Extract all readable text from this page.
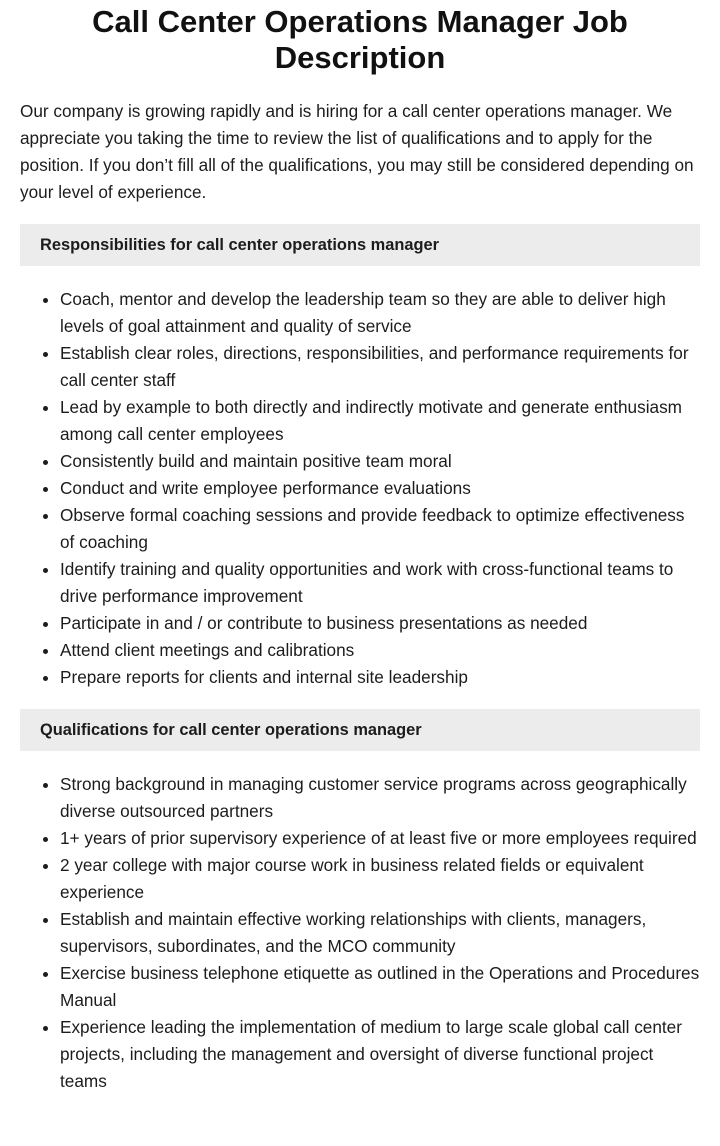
Call Center Operations Manager Job Description

Our company is growing rapidly and is hiring for a call center operations manager. We appreciate you taking the time to review the list of qualifications and to apply for the position. If you don’t fill all of the qualifications, you may still be considered depending on your level of experience.

Responsibilities for call center operations manager
• Coach, mentor and develop the leadership team so they are able to deliver high levels of goal attainment and quality of service
• Establish clear roles, directions, responsibilities, and performance requirements for call center staff
• Lead by example to both directly and indirectly motivate and generate enthusiasm among call center employees
• Consistently build and maintain positive team moral
• Conduct and write employee performance evaluations
• Observe formal coaching sessions and provide feedback to optimize effectiveness of coaching
• Identify training and quality opportunities and work with cross-functional teams to drive performance improvement
• Participate in and / or contribute to business presentations as needed
• Attend client meetings and calibrations
• Prepare reports for clients and internal site leadership
Qualifications for call center operations manager
• Strong background in managing customer service programs across geographically diverse outsourced partners
• 1+ years of prior supervisory experience of at least five or more employees required
• 2 year college with major course work in business related fields or equivalent experience
• Establish and maintain effective working relationships with clients, managers, supervisors, subordinates, and the MCO community
• Exercise business telephone etiquette as outlined in the Operations and Procedures Manual
• Experience leading the implementation of medium to large scale global call center projects, including the management and oversight of diverse functional project teams
